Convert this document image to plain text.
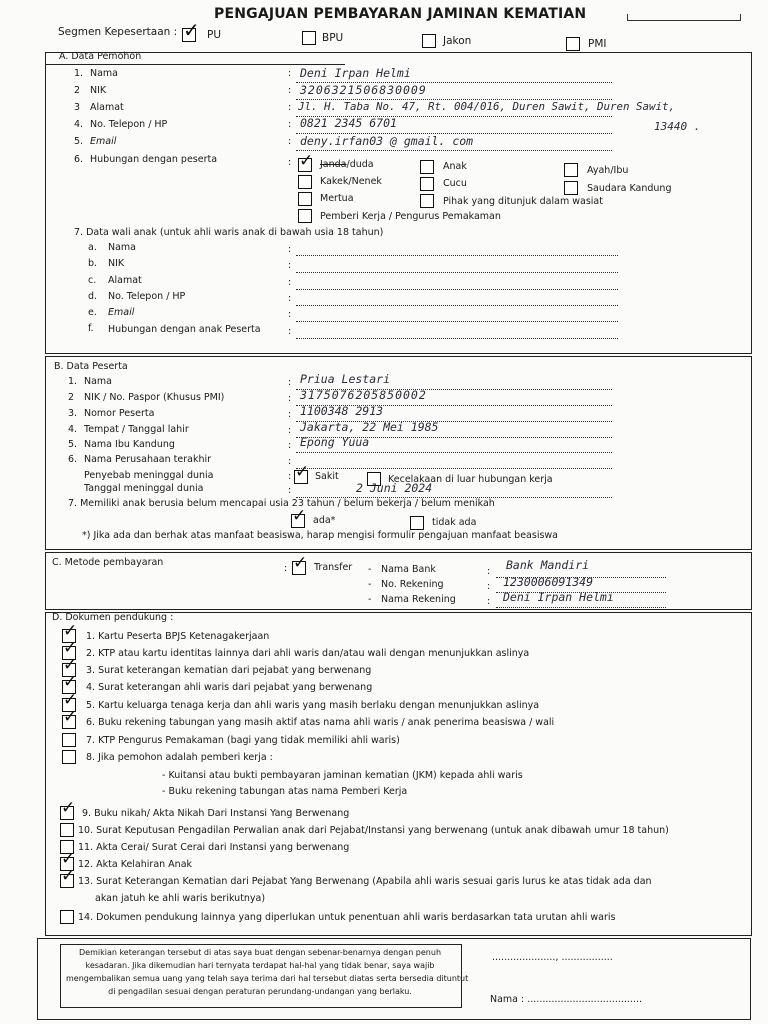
PENGAJUAN PEMBAYARAN JAMINAN KEMATIAN
Segmen Kepesertaan : ✓ PU	BPU	Jakon	PMI
A. Data Pemohon
1. Nama	: Deni Irpan Helmi
2 NIK	: 3206321506830009
3 Alamat	: Jl. H. Taba No. 47, Rt. 004/016, Duren Sawit, Duren Sawit,
13440 .
4. No. Telepon / HP	: 0821 2345 6701
5. Email	: deny.irfan03 @ gmail. com
6. Hubungan dengan peserta	: ✓ Janda/duda	Anak	Ayah/Ibu
Kakek/Nenek	Cucu	Saudara Kandung
Mertua	Pihak yang ditunjuk dalam wasiat
Pemberi Kerja / Pengurus Pemakaman
7. Data wali anak (untuk ahli waris anak di bawah usia 18 tahun)
a. Nama	:
b. NIK	:
c. Alamat	:
d. No. Telepon / HP	:
e. Email	:
f. Hubungan dengan anak Peserta	:
B. Data Peserta
1. Nama	: Priua Lestari
2 NIK / No. Paspor (Khusus PMI)	: 3175076205850002
3. Nomor Peserta	: 1100348 2913
4. Tempat / Tanggal lahir	: Jakarta, 22 Mei 1985
5. Nama Ibu Kandung	: Epong Yuua
6. Nama Perusahaan terakhir	:
Penyebab meninggal dunia	: ✓ Sakit	Kecelakaan di luar hubungan kerja
Tanggal meninggal dunia	:	2 Juni 2024
7. Memiliki anak berusia belum mencapai usia 23 tahun / belum bekerja / belum menikah
✓ ada*	tidak ada
*) Jika ada dan berhak atas manfaat beasiswa, harap mengisi formulir pengajuan manfaat beasiswa
C. Metode pembayaran
: ✓ Transfer - Nama Bank	: Bank Mandiri
- No. Rekening	: 1230006091349
- Nama Rekening	: Deni Irpan Helmi
D. Dokumen pendukung :
✓ 1. Kartu Peserta BPJS Ketenagakerjaan
✓ 2. KTP atau kartu identitas lainnya dari ahli waris dan/atau wali dengan menunjukkan aslinya
✓ 3. Surat keterangan kematian dari pejabat yang berwenang
✓ 4. Surat keterangan ahli waris dari pejabat yang berwenang
✓ 5. Kartu keluarga tenaga kerja dan ahli waris yang masih berlaku dengan menunjukkan aslinya
✓ 6. Buku rekening tabungan yang masih aktif atas nama ahli waris / anak penerima beasiswa / wali
7. KTP Pengurus Pemakaman (bagi yang tidak memiliki ahli waris)
8. Jika pemohon adalah pemberi kerja :
- Kuitansi atau bukti pembayaran jaminan kematian (JKM) kepada ahli waris
- Buku rekening tabungan atas nama Pemberi Kerja
✓ 9. Buku nikah/ Akta Nikah Dari Instansi Yang Berwenang
10. Surat Keputusan Pengadilan Perwalian anak dari Pejabat/Instansi yang berwenang (untuk anak dibawah umur 18 tahun)
11. Akta Cerai/ Surat Cerai dari Instansi yang berwenang
✓ 12. Akta Kelahiran Anak
✓ 13. Surat Keterangan Kematian dari Pejabat Yang Berwenang (Apabila ahli waris sesuai garis lurus ke atas tidak ada dan
akan jatuh ke ahli waris berikutnya)
14. Dokumen pendukung lainnya yang diperlukan untuk penentuan ahli waris berdasarkan tata urutan ahli waris
Demikian keterangan tersebut di atas saya buat dengan sebenar-benarnya dengan penuh
kesadaran. Jika dikemudian hari ternyata terdapat hal-hal yang tidak benar, saya wajib
mengembalikan semua uang yang telah saya terima dari hal tersebut diatas serta bersedia dituntut
di pengadilan sesuai dengan peraturan perundang-undangan yang berlaku.
....................., .................
Nama : ......................................
